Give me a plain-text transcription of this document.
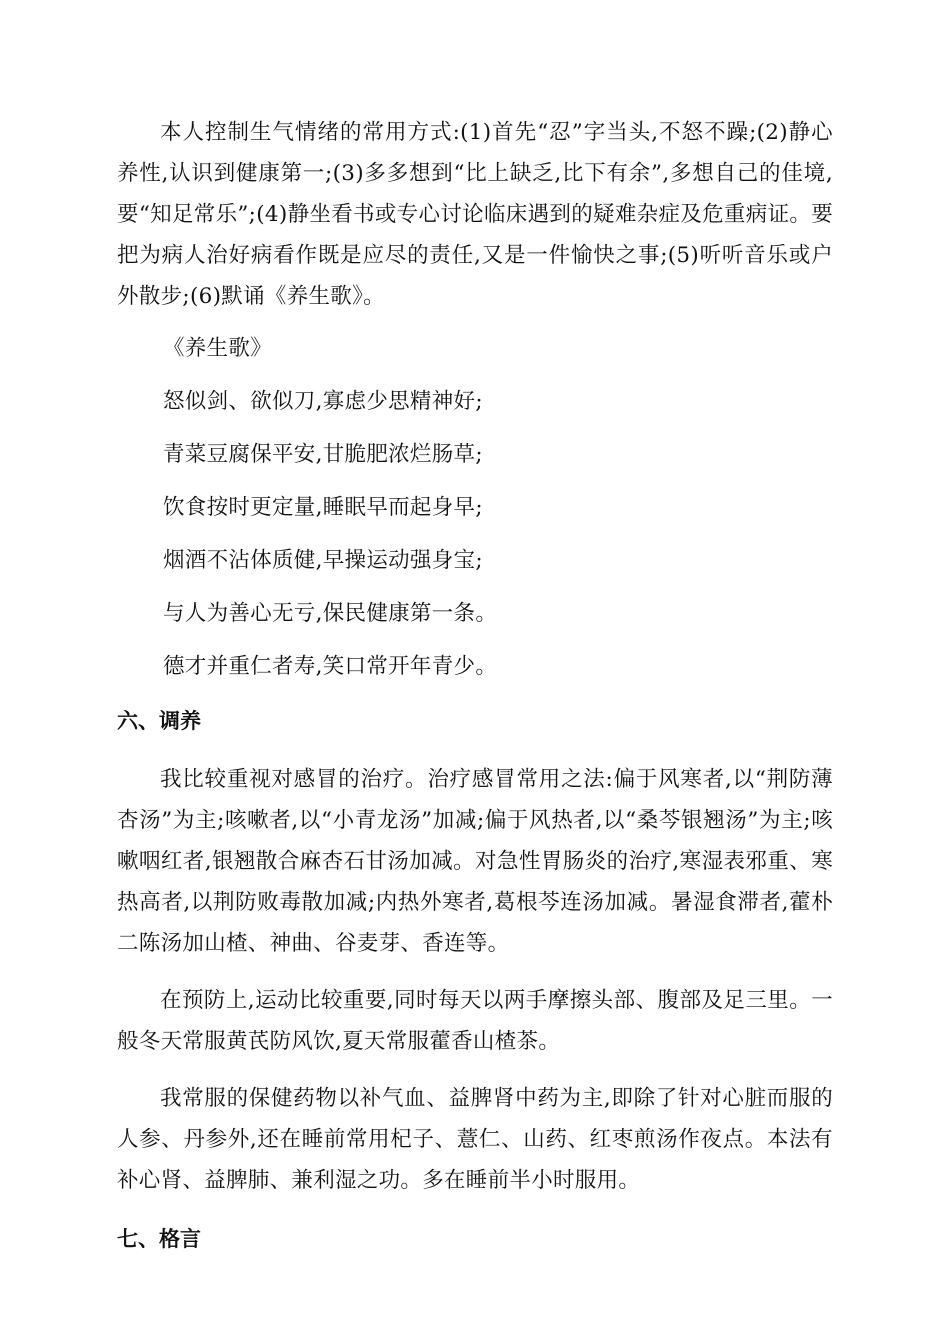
本人控制生气情绪的常用方式:(1)首先“忍”字当头,不怒不躁;(2)静心养性,认识到健康第一;(3)多多想到“比上缺乏,比下有余”,多想自己的佳境,要“知足常乐”;(4)静坐看书或专心讨论临床遇到的疑难杂症及危重病证。要把为病人治好病看作既是应尽的责任,又是一件愉快之事;(5)听听音乐或户外散步;(6)默诵《养生歌》。

《养生歌》

怒似剑、欲似刀,寡虑少思精神好;

青菜豆腐保平安,甘脆肥浓烂肠草;

饮食按时更定量,睡眠早而起身早;

烟酒不沾体质健,早操运动强身宝;

与人为善心无亏,保民健康第一条。

德才并重仁者寿,笑口常开年青少。

六、调养

我比较重视对感冒的治疗。治疗感冒常用之法:偏于风寒者,以“荆防薄杏汤”为主;咳嗽者,以“小青龙汤”加减;偏于风热者,以“桑芩银翘汤”为主;咳嗽咽红者,银翘散合麻杏石甘汤加减。对急性胃肠炎的治疗,寒湿表邪重、寒热高者,以荆防败毒散加减;内热外寒者,葛根芩连汤加减。暑湿食滞者,藿朴二陈汤加山楂、神曲、谷麦芽、香连等。

在预防上,运动比较重要,同时每天以两手摩擦头部、腹部及足三里。一般冬天常服黄芪防风饮,夏天常服藿香山楂茶。

我常服的保健药物以补气血、益脾肾中药为主,即除了针对心脏而服的人参、丹参外,还在睡前常用杞子、薏仁、山药、红枣煎汤作夜点。本法有补心肾、益脾肺、兼利湿之功。多在睡前半小时服用。

七、格言
